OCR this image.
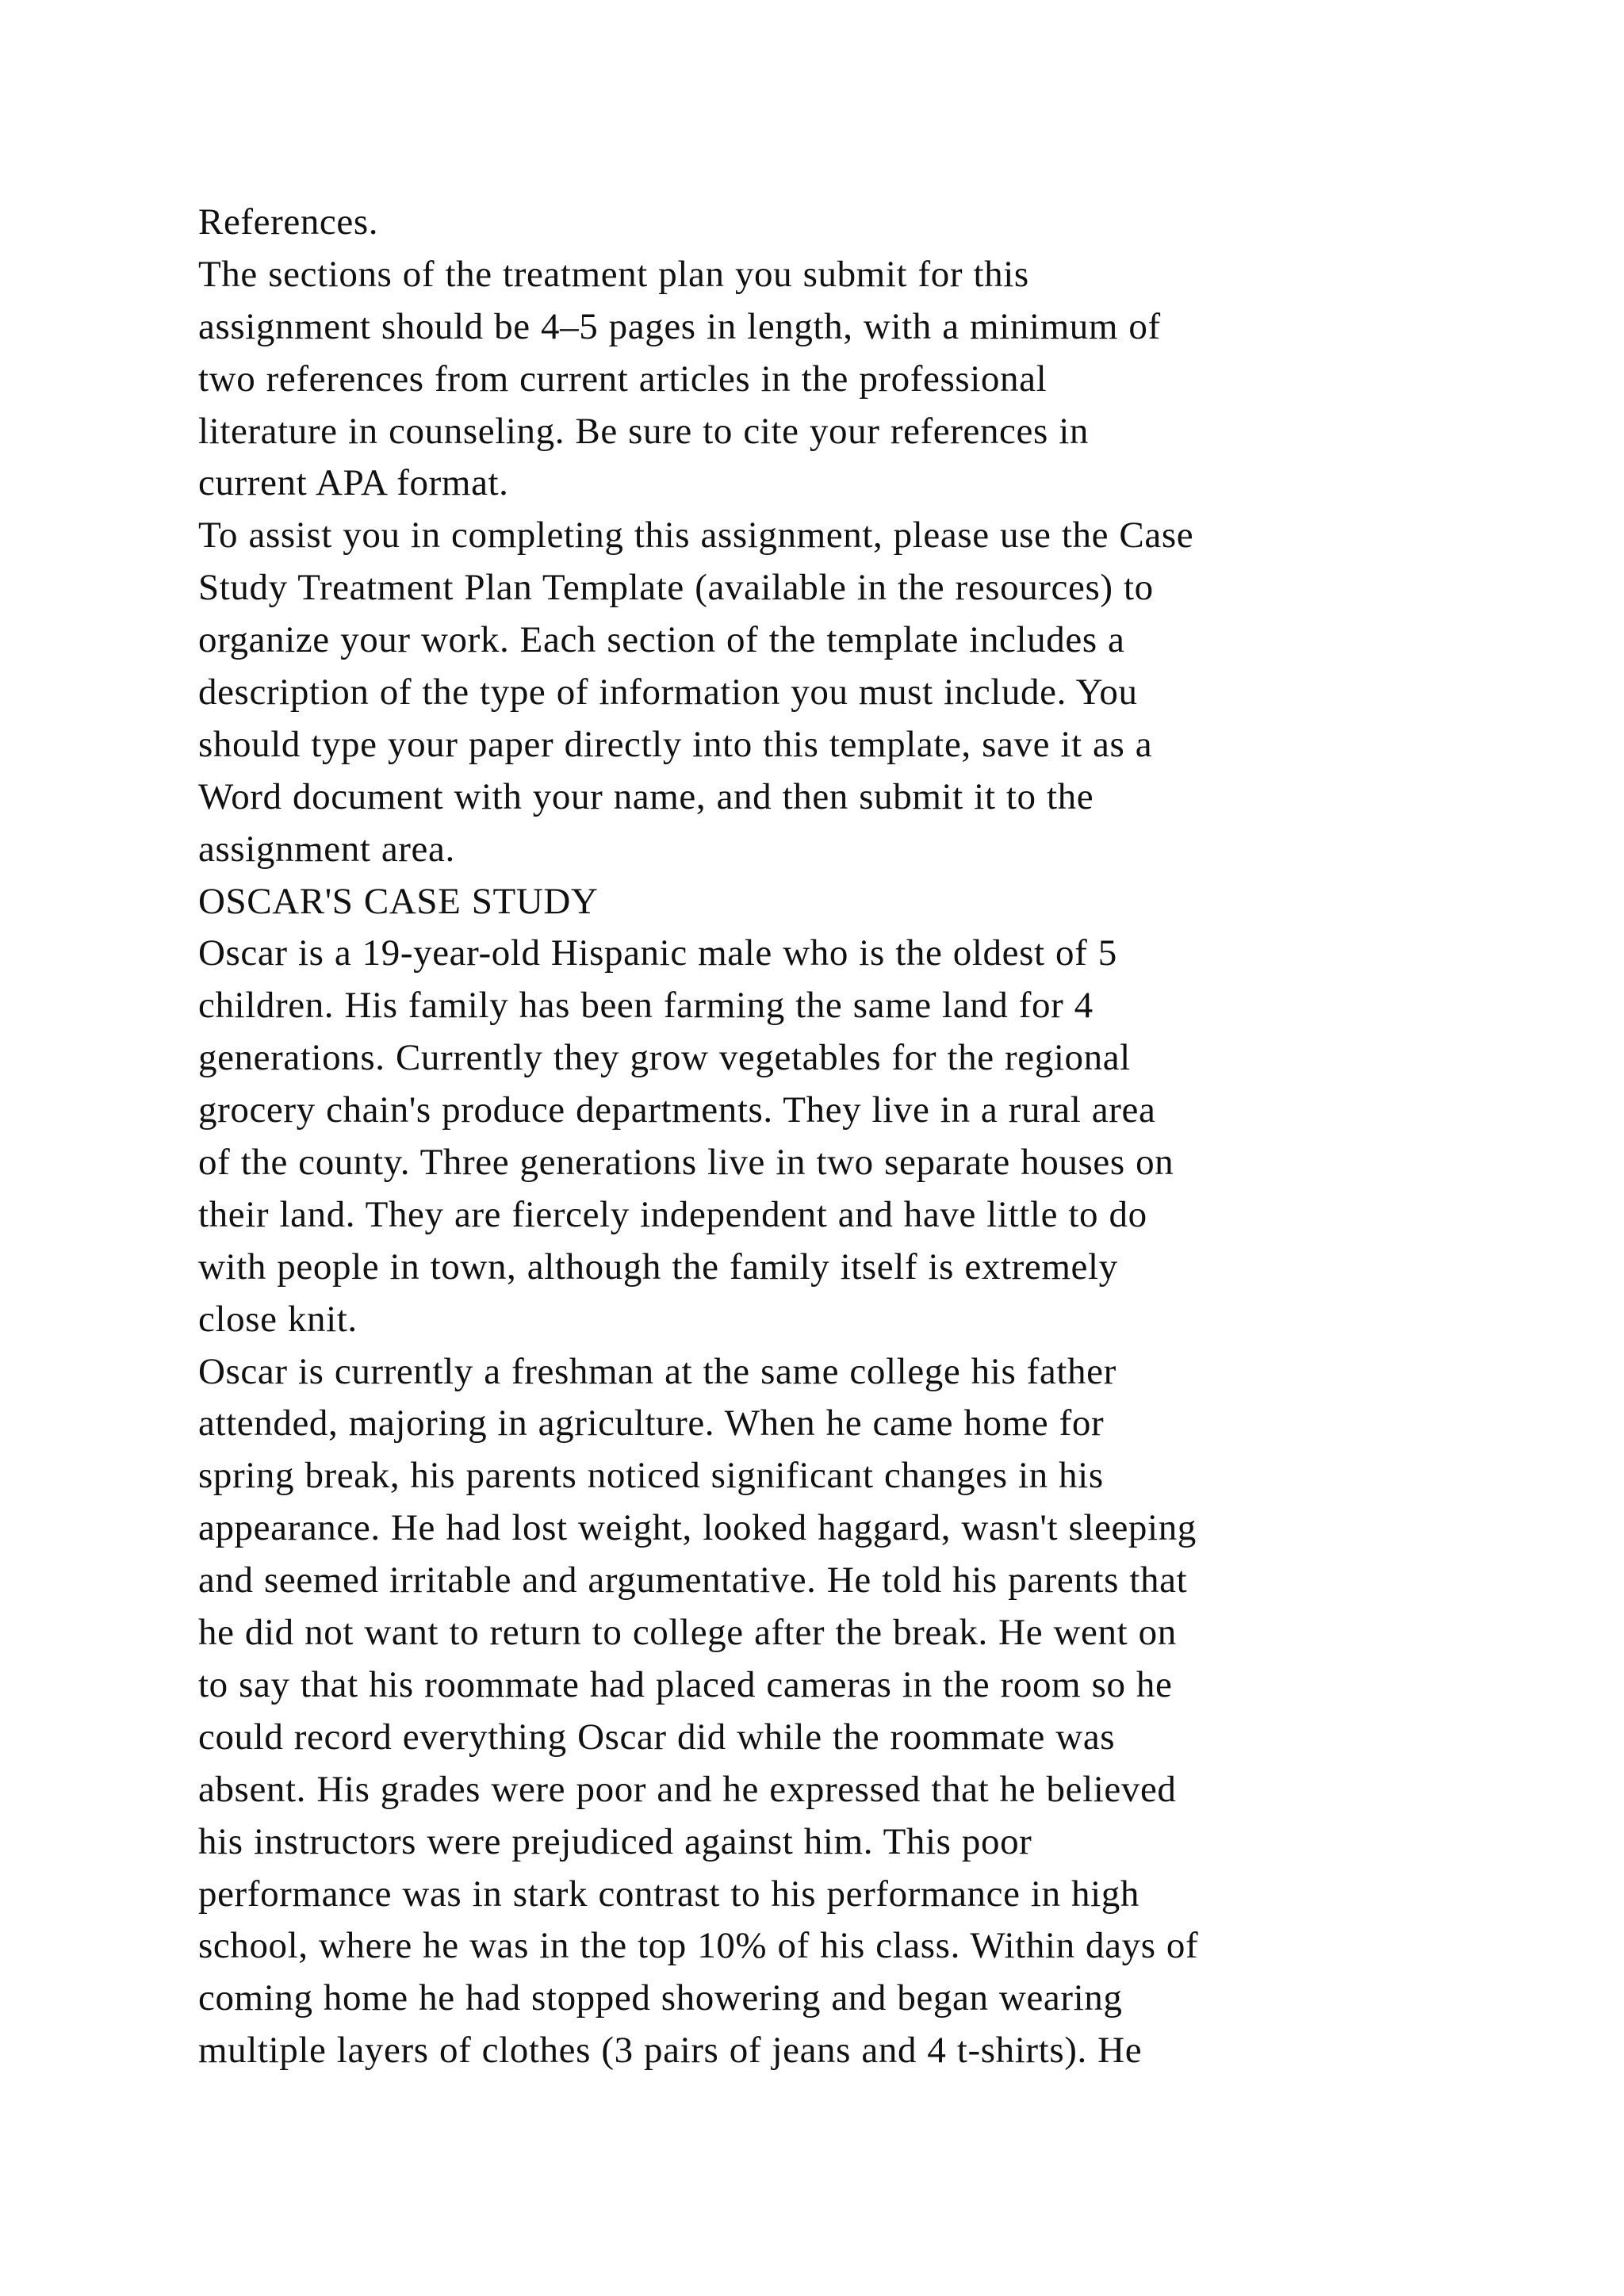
References.
The sections of the treatment plan you submit for this
assignment should be 4–5 pages in length, with a minimum of
two references from current articles in the professional
literature in counseling. Be sure to cite your references in
current APA format.
To assist you in completing this assignment, please use the Case
Study Treatment Plan Template (available in the resources) to
organize your work. Each section of the template includes a
description of the type of information you must include. You
should type your paper directly into this template, save it as a
Word document with your name, and then submit it to the
assignment area.
OSCAR'S CASE STUDY
Oscar is a 19-year-old Hispanic male who is the oldest of 5
children. His family has been farming the same land for 4
generations. Currently they grow vegetables for the regional
grocery chain's produce departments. They live in a rural area
of the county. Three generations live in two separate houses on
their land. They are fiercely independent and have little to do
with people in town, although the family itself is extremely
close knit.
Oscar is currently a freshman at the same college his father
attended, majoring in agriculture. When he came home for
spring break, his parents noticed significant changes in his
appearance. He had lost weight, looked haggard, wasn't sleeping
and seemed irritable and argumentative. He told his parents that
he did not want to return to college after the break. He went on
to say that his roommate had placed cameras in the room so he
could record everything Oscar did while the roommate was
absent. His grades were poor and he expressed that he believed
his instructors were prejudiced against him. This poor
performance was in stark contrast to his performance in high
school, where he was in the top 10% of his class. Within days of
coming home he had stopped showering and began wearing
multiple layers of clothes (3 pairs of jeans and 4 t-shirts). He
